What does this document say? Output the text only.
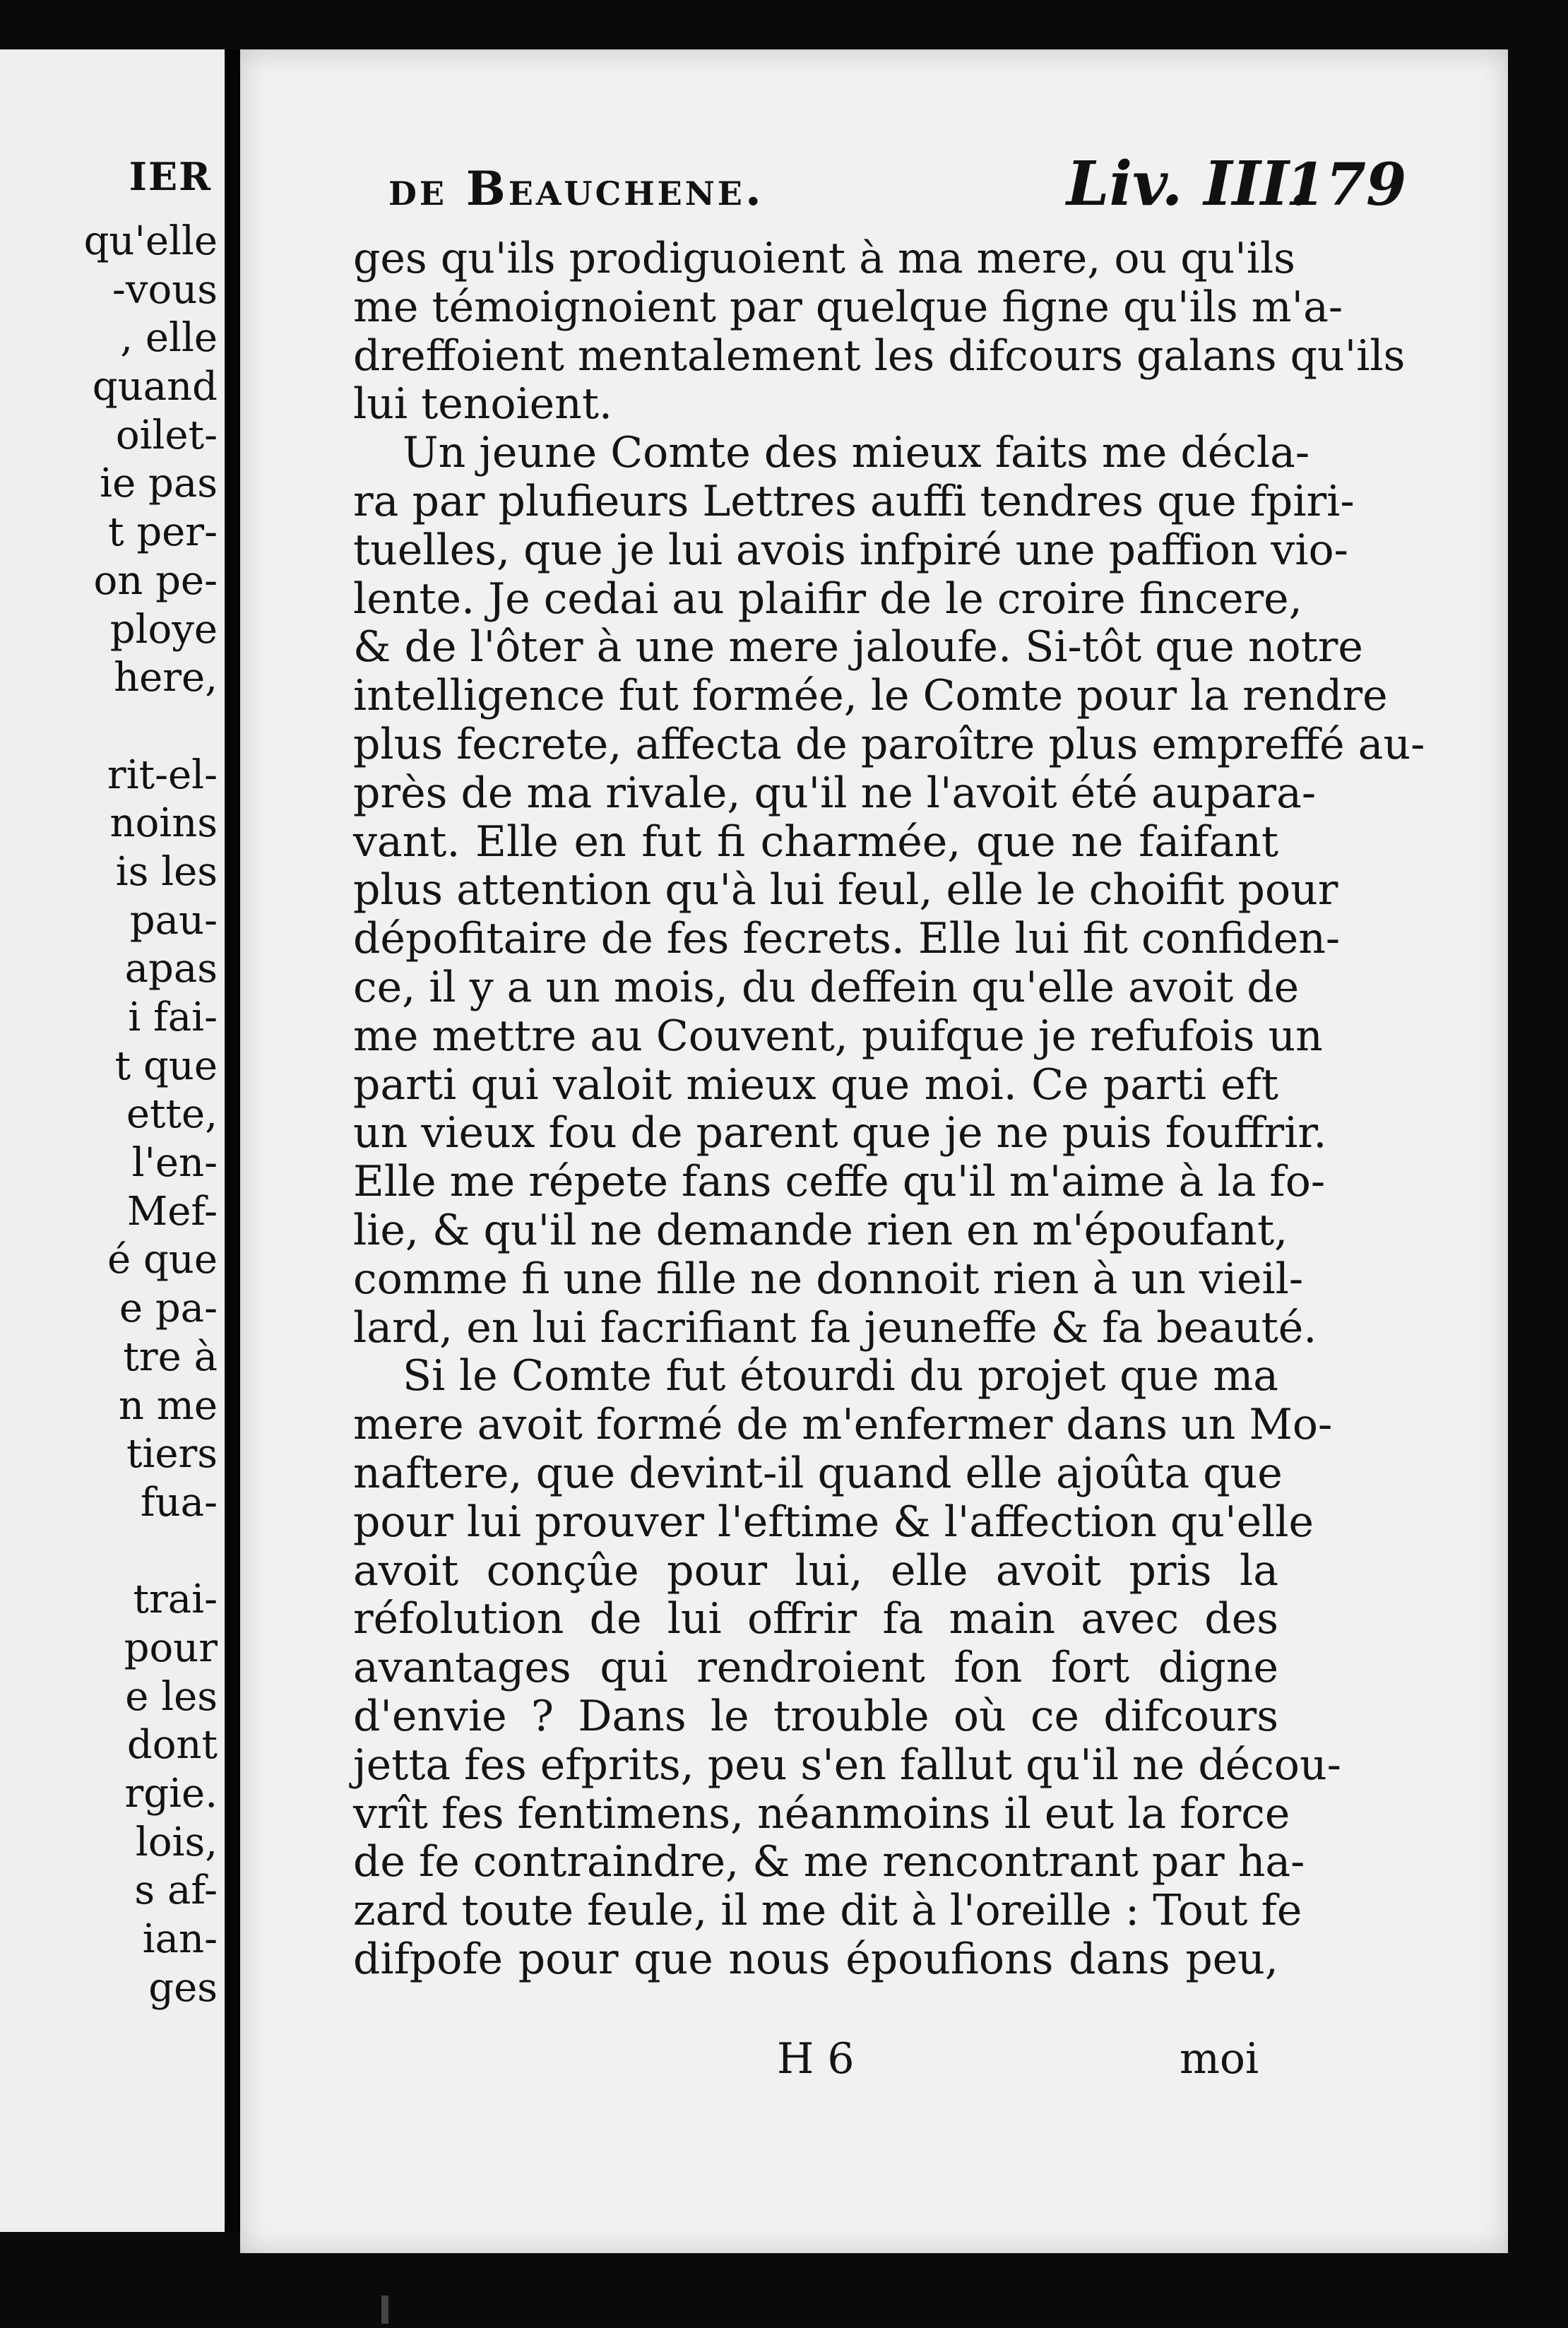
IER
qu'elle
-vous
, elle
quand
oilet-
ie pas
t per-
on pe-
ploye
here,
rit-el-
noins
is les
pau-
apas
i fai-
t que
ette,
l'en-
Mef-
é que
e pa-
tre à
n me
tiers
fua-
trai-
pour
e les
dont
rgie.
lois,
s af-
ian-
ges
de Beauchene.	Liv. III.
179
ges qu'ils prodiguoient à ma mere, ou qu'ils
me témoignoient par quelque figne qu'ils m'a-
dreffoient mentalement les difcours galans qu'ils
lui tenoient.
Un jeune Comte des mieux faits me décla-
ra par plufieurs Lettres auffi tendres que fpiri-
tuelles, que je lui avois infpiré une paffion vio-
lente. Je cedai au plaifir de le croire fincere,
& de l'ôter à une mere jaloufe. Si-tôt que notre
intelligence fut formée, le Comte pour la rendre
plus fecrete, affecta de paroître plus empreffé au-
près de ma rivale, qu'il ne l'avoit été aupara-
vant. Elle en fut fi charmée, que ne faifant
plus attention qu'à lui feul, elle le choifit pour
dépofitaire de fes fecrets. Elle lui fit confiden-
ce, il y a un mois, du deffein qu'elle avoit de
me mettre au Couvent, puifque je refufois un
parti qui valoit mieux que moi. Ce parti eft
un vieux fou de parent que je ne puis fouffrir.
Elle me répete fans ceffe qu'il m'aime à la fo-
lie, & qu'il ne demande rien en m'époufant,
comme fi une fille ne donnoit rien à un vieil-
lard, en lui facrifiant fa jeuneffe & fa beauté.
Si le Comte fut étourdi du projet que ma
mere avoit formé de m'enfermer dans un Mo-
naftere, que devint-il quand elle ajoûta que
pour lui prouver l'eftime & l'affection qu'elle
avoit conçûe pour lui, elle avoit pris la
réfolution de lui offrir fa main avec des
avantages qui rendroient fon fort digne
d'envie ? Dans le trouble où ce difcours
jetta fes efprits, peu s'en fallut qu'il ne décou-
vrît fes fentimens, néanmoins il eut la force
de fe contraindre, & me rencontrant par ha-
zard toute feule, il me dit à l'oreille : Tout fe
difpofe pour que nous époufions dans peu,
H 6	moi
